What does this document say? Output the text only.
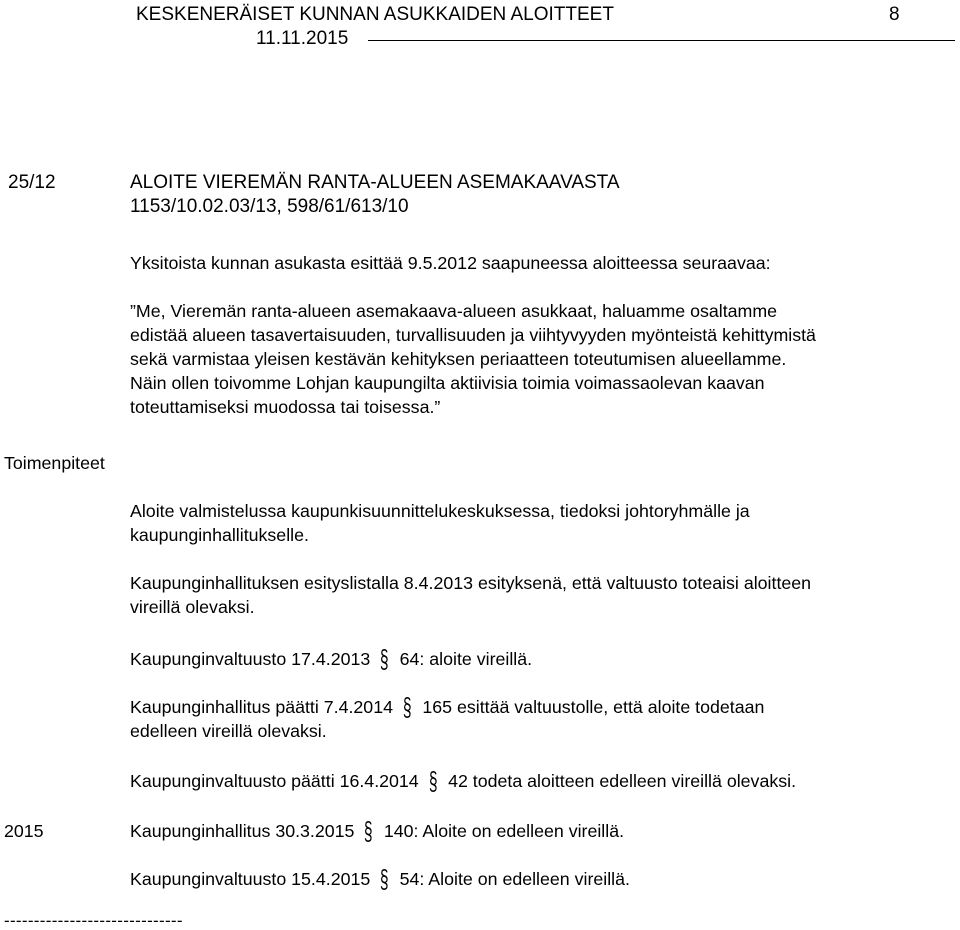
KESKENERÄISET KUNNAN ASUKKAIDEN ALOITTEET	8
11.11.2015
25/12	ALOITE VIEREMÄN RANTA-ALUEEN ASEMAKAAVASTA
1153/10.02.03/13, 598/61/613/10
Yksitoista kunnan asukasta esittää 9.5.2012 saapuneessa aloitteessa seuraavaa:
”Me, Vieremän ranta-alueen asemakaava-alueen asukkaat, haluamme osaltamme
edistää alueen tasavertaisuuden, turvallisuuden ja viihtyvyyden myönteistä kehittymistä
sekä varmistaa yleisen kestävän kehityksen periaatteen toteutumisen alueellamme.
Näin ollen toivomme Lohjan kaupungilta aktiivisia toimia voimassaolevan kaavan
toteuttamiseksi muodossa tai toisessa.”
Toimenpiteet
Aloite valmistelussa kaupunkisuunnittelukeskuksessa, tiedoksi johtoryhmälle ja
kaupunginhallitukselle.
Kaupunginhallituksen esityslistalla 8.4.2013 esityksenä, että valtuusto toteaisi aloitteen
vireillä olevaksi.
Kaupunginvaltuusto 17.4.2013 § 64: aloite vireillä.
Kaupunginhallitus päätti 7.4.2014 § 165 esittää valtuustolle, että aloite todetaan
edelleen vireillä olevaksi.
Kaupunginvaltuusto päätti 16.4.2014 § 42 todeta aloitteen edelleen vireillä olevaksi.
2015	Kaupunginhallitus 30.3.2015 § 140: Aloite on edelleen vireillä.
Kaupunginvaltuusto 15.4.2015 § 54: Aloite on edelleen vireillä.
------------------------------
